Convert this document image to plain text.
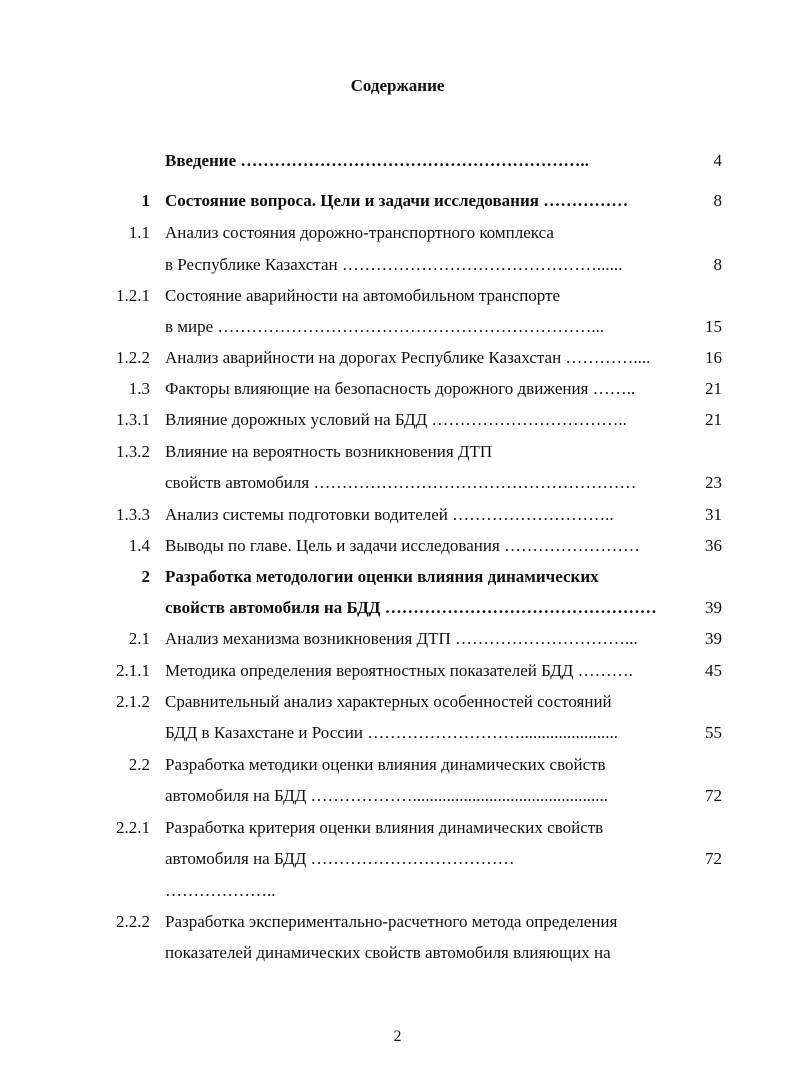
Содержание
Введение ……………………………………………………..	4
1 Состояние вопроса. Цели и задачи исследования ……………	8
1.1 Анализ состояния дорожно-транспортного комплекса
в Республике Казахстан ………………………………………......	8
1.2.1 Состояние аварийности на автомобильном транспорте
в мире …………………………………………………………...	15
1.2.2 Анализ аварийности на дорогах Республике Казахстан …………....	16
1.3 Факторы влияющие на безопасность дорожного движения ……..	21
1.3.1 Влияние дорожных условий на БДД ……………………………..	21
1.3.2 Влияние на вероятность возникновения ДТП
свойств автомобиля …………………………………………………	23
1.3.3 Анализ системы подготовки водителей ………………………..	31
1.4 Выводы по главе. Цель и задачи исследования ……………………	36
2 Разработка методологии оценки влияния динамических
свойств автомобиля на БДД …………………………………………	39
2.1 Анализ механизма возникновения ДТП …………………………...	39
2.1.1 Методика определения вероятностных показателей БДД ……….	45
2.1.2 Сравнительный анализ характерных особенностей состояний
БДД в Казахстане и России ……………………….......................	55
2.2 Разработка методики оценки влияния динамических свойств
автомобиля на БДД ………………..............................................	72
2.2.1 Разработка критерия оценки влияния динамических свойств
автомобиля на БДД ………………………………	72
………………..
2.2.2 Разработка экспериментально-расчетного метода определения
показателей динамических свойств автомобиля влияющих на
2
